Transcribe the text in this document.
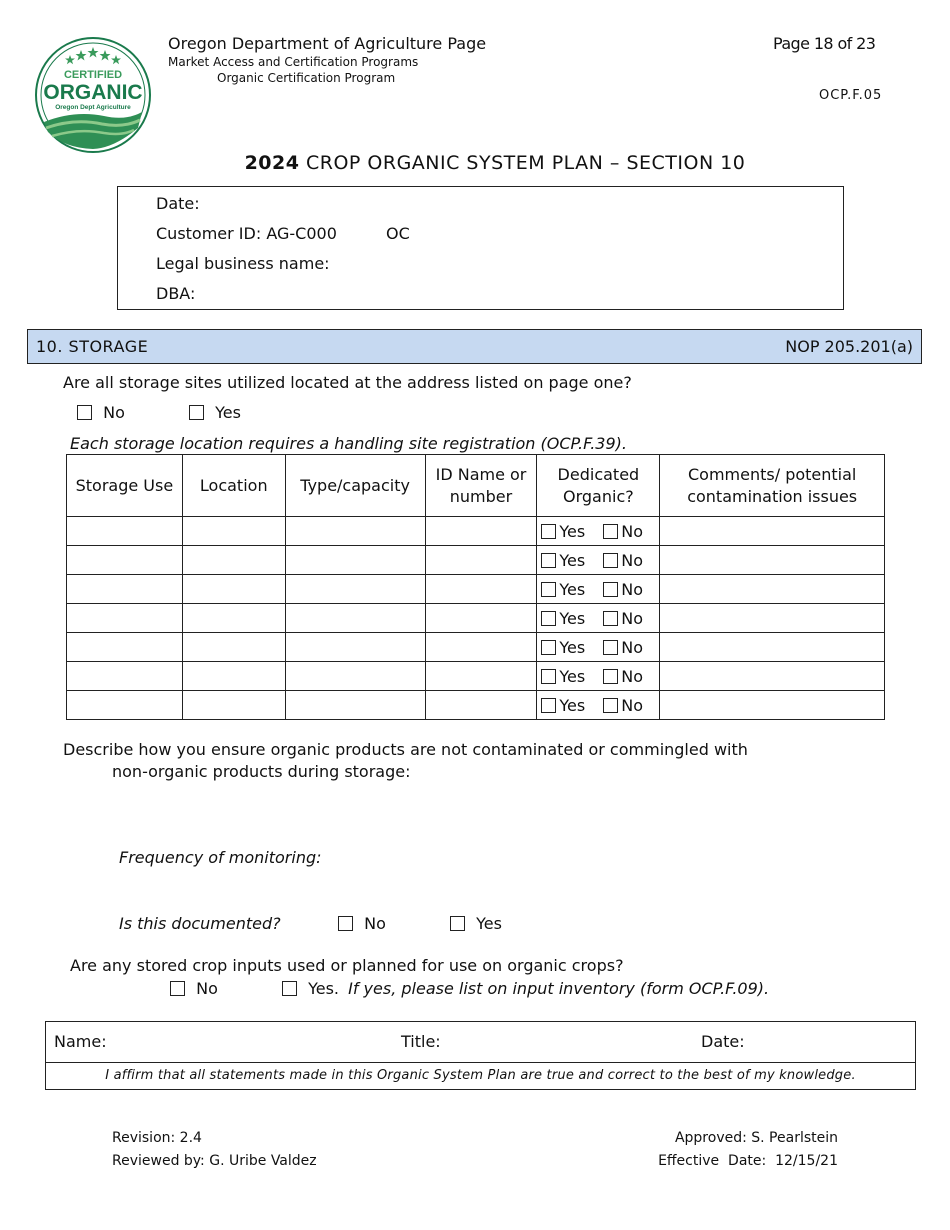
CERTIFIED
ORGANIC
Oregon Dept Agriculture
Oregon Department of Agriculture Page
Market Access and Certification Programs
Organic Certification Program
Page 18 of 23
OCP.F.05
2024 CROP ORGANIC SYSTEM PLAN – SECTION 10
Date:
Customer ID: AG-C000	OC
Legal business name:
DBA:
10. STORAGE	NOP 205.201(a)
Are all storage sites utilized located at the address listed on page one?
No	Yes
Each storage location requires a handling site registration (OCP.F.39).
Storage Use	Location	Type/capacity	ID Name or number	Dedicated Organic?	Comments/ potential contamination issues
				Yes No	
				Yes No	
				Yes No	
				Yes No	
				Yes No	
				Yes No	
				Yes No	
Describe how you ensure organic products are not contaminated or commingled with
non-organic products during storage:
Frequency of monitoring:
Is this documented?	No	Yes
Are any stored crop inputs used or planned for use on organic crops?
No	Yes. If yes, please list on input inventory (form OCP.F.09).
Name:	Title:	Date:
I affirm that all statements made in this Organic System Plan are true and correct to the best of my knowledge.
Revision: 2.4
Reviewed by: G. Uribe Valdez
Approved: S. Pearlstein
Effective  Date:  12/15/21
